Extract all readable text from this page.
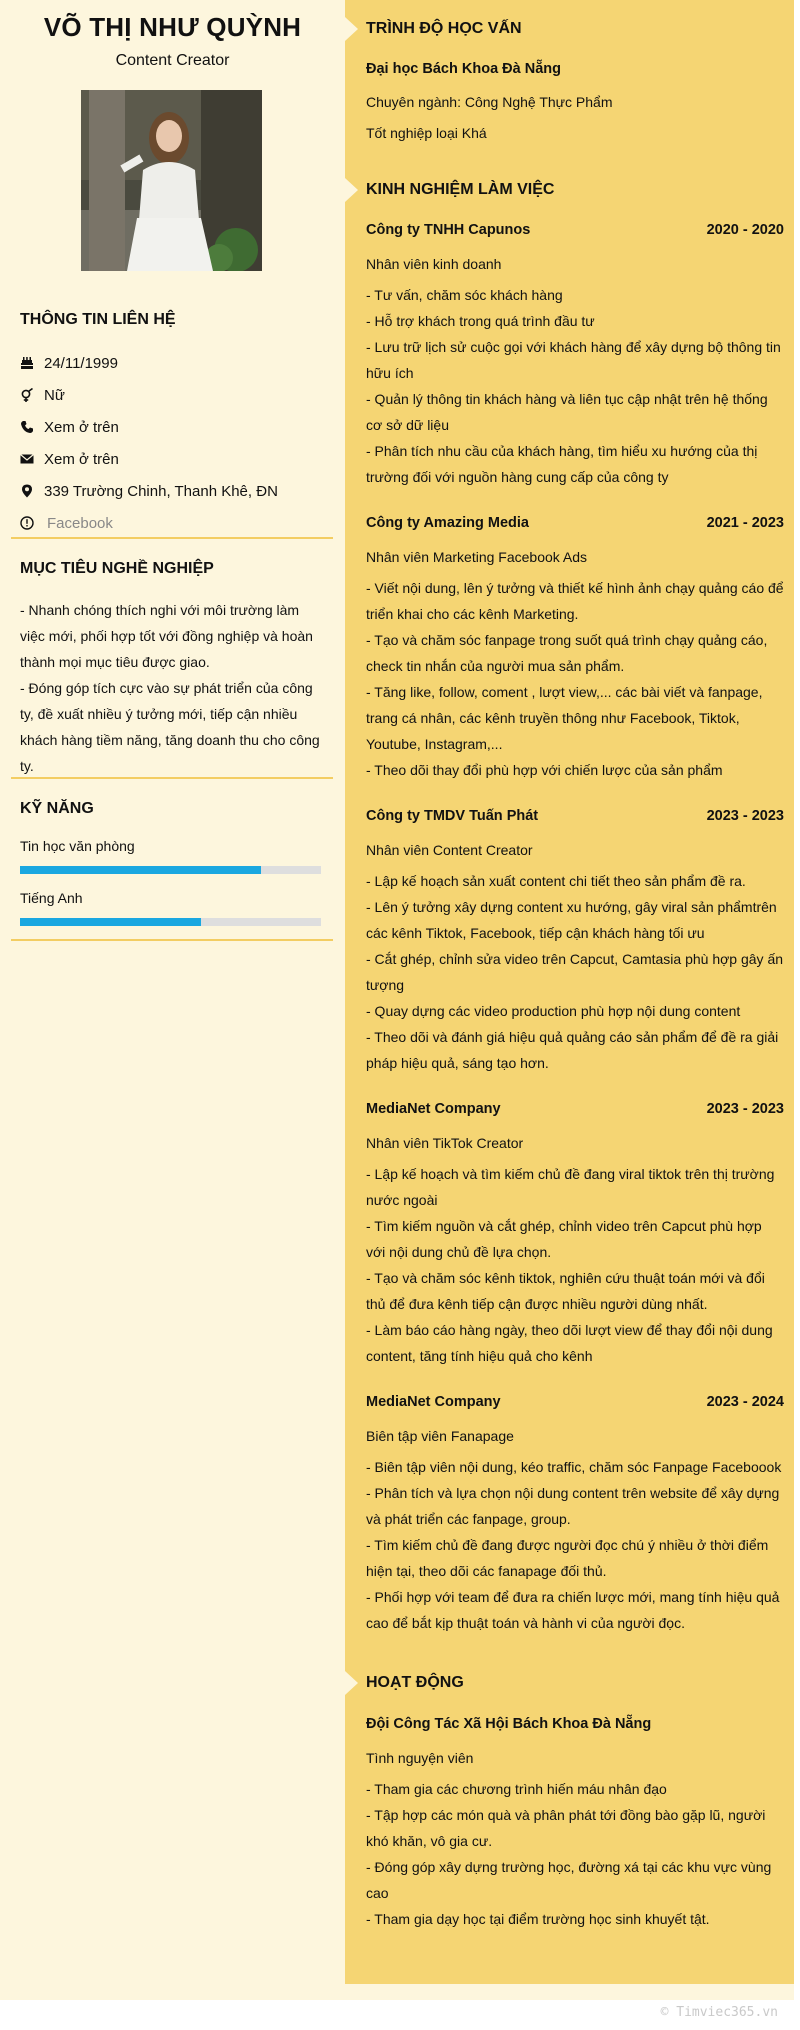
VÕ THỊ NHƯ QUỲNH
Content Creator
THÔNG TIN LIÊN HỆ
24/11/1999
Nữ
Xem ở trên
Xem ở trên
339 Trường Chinh, Thanh Khê, ĐN
Facebook
MỤC TIÊU NGHỀ NGHIỆP
- Nhanh chóng thích nghi với môi trường làm việc mới, phối hợp tốt với đồng nghiệp và hoàn thành mọi mục tiêu được giao.
- Đóng góp tích cực vào sự phát triển của công ty, đề xuất nhiều ý tưởng mới, tiếp cận nhiều khách hàng tiềm năng, tăng doanh thu cho công ty.
KỸ NĂNG
Tin học văn phòng
Tiếng Anh
TRÌNH ĐỘ HỌC VẤN
Đại học Bách Khoa Đà Nẵng
Chuyên ngành: Công Nghệ Thực Phẩm
Tốt nghiệp loại Khá
KINH NGHIỆM LÀM VIỆC
Công ty TNHH Capunos	2020 - 2020
Nhân viên kinh doanh
- Tư vấn, chăm sóc khách hàng
- Hỗ trợ khách trong quá trình đầu tư
- Lưu trữ lịch sử cuộc gọi với khách hàng để xây dựng bộ thông tin hữu ích
- Quản lý thông tin khách hàng và liên tục cập nhật trên hệ thống cơ sở dữ liệu
- Phân tích nhu cầu của khách hàng, tìm hiểu xu hướng của thị trường đối với nguồn hàng cung cấp của công ty
Công ty Amazing Media	2021 - 2023
Nhân viên Marketing Facebook Ads
- Viết nội dung, lên ý tưởng và thiết kế hình ảnh chạy quảng cáo để triển khai cho các kênh Marketing.
- Tạo và chăm sóc fanpage trong suốt quá trình chạy quảng cáo, check tin nhắn của người mua sản phẩm.
- Tăng like, follow, coment , lượt view,... các bài viết và fanpage, trang cá nhân, các kênh truyền thông như Facebook, Tiktok, Youtube, Instagram,...
- Theo dõi thay đổi phù hợp với chiến lược của sản phẩm
Công ty TMDV Tuấn Phát	2023 - 2023
Nhân viên Content Creator
- Lập kế hoạch sản xuất content chi tiết theo sản phẩm đề ra.
- Lên ý tưởng xây dựng content xu hướng, gây viral sản phẩmtrên các kênh Tiktok, Facebook, tiếp cận khách hàng tối ưu
- Cắt ghép, chỉnh sửa video trên Capcut, Camtasia phù hợp gây ấn tượng
- Quay dựng các video production phù hợp nội dung content
- Theo dõi và đánh giá hiệu quả quảng cáo sản phẩm để đề ra giải pháp hiệu quả, sáng tạo hơn.
MediaNet Company	2023 - 2023
Nhân viên TikTok Creator
- Lập kế hoạch và tìm kiếm chủ đề đang viral tiktok trên thị trường nước ngoài
- Tìm kiếm nguồn và cắt ghép, chỉnh video trên Capcut phù hợp với nội dung chủ đề lựa chọn.
- Tạo và chăm sóc kênh tiktok, nghiên cứu thuật toán mới và đổi thủ để đưa kênh tiếp cận được nhiều người dùng nhất.
- Làm báo cáo hàng ngày, theo dõi lượt view để thay đổi nội dung content, tăng tính hiệu quả cho kênh
MediaNet Company	2023 - 2024
Biên tập viên Fanapage
- Biên tập viên nội dung, kéo traffic, chăm sóc Fanpage Faceboook
- Phân tích và lựa chọn nội dung content trên website để xây dựng và phát triển các fanpage, group.
- Tìm kiếm chủ đề đang được người đọc chú ý nhiều ở thời điểm hiện tại, theo dõi các fanapage đối thủ.
- Phối hợp với team để đưa ra chiến lược mới, mang tính hiệu quả cao để bắt kịp thuật toán và hành vi của người đọc.
HOẠT ĐỘNG
Đội Công Tác Xã Hội Bách Khoa Đà Nẵng
Tình nguyện viên
- Tham gia các chương trình hiến máu nhân đạo
- Tập hợp các món quà và phân phát tới đồng bào gặp lũ, người khó khăn, vô gia cư.
- Đóng góp xây dựng trường học, đường xá tại các khu vực vùng cao
- Tham gia dạy học tại điểm trường học sinh khuyết tật.
© Timviec365.vn
